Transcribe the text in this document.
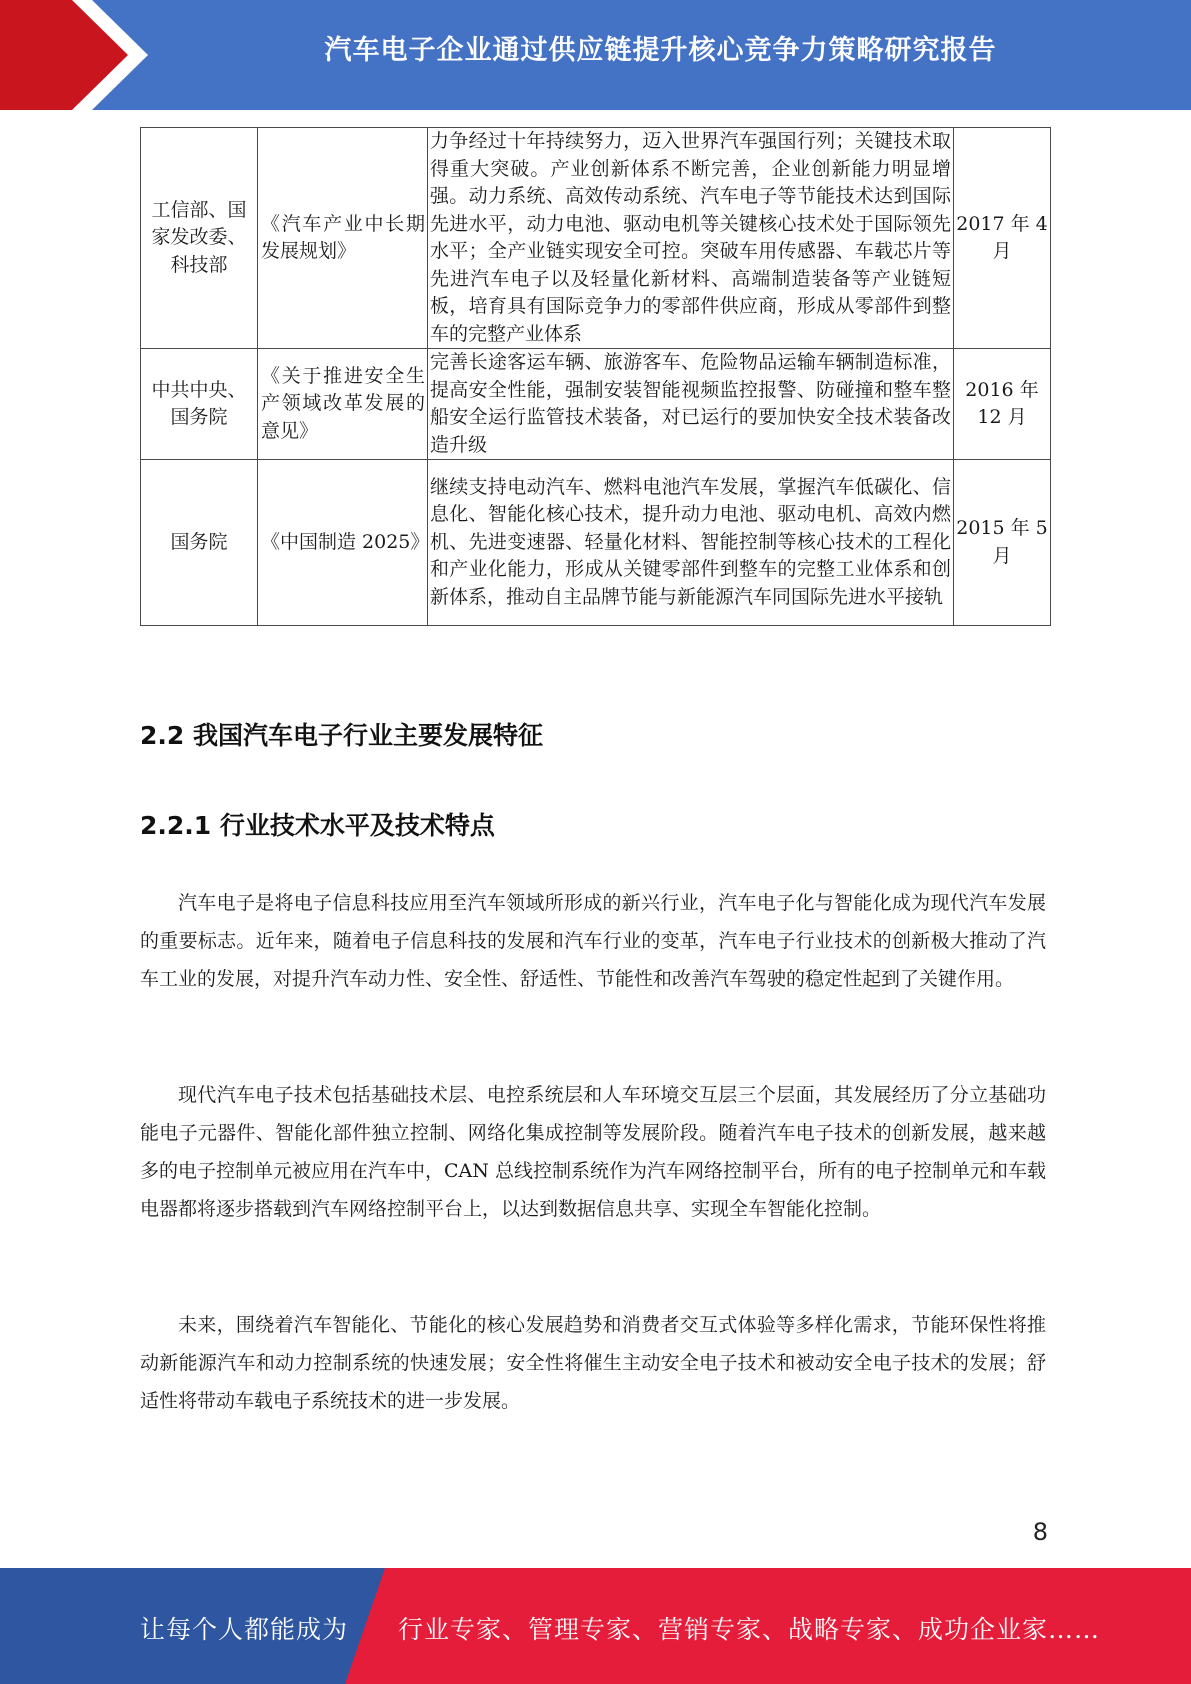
汽车电子企业通过供应链提升核心竞争力策略研究报告
工信部、国家发改委、科技部	《汽车产业中长期发展规划》	力争经过十年持续努力，迈入世界汽车强国行列；关键技术取得重大突破。产业创新体系不断完善，企业创新能力明显增强。动力系统、高效传动系统、汽车电子等节能技术达到国际先进水平，动力电池、驱动电机等关键核心技术处于国际领先水平；全产业链实现安全可控。突破车用传感器、车载芯片等先进汽车电子以及轻量化新材料、高端制造装备等产业链短板，培育具有国际竞争力的零部件供应商，形成从零部件到整车的完整产业体系	2017 年 4 月
中共中央、国务院	《关于推进安全生产领域改革发展的意见》	完善长途客运车辆、旅游客车、危险物品运输车辆制造标准，提高安全性能，强制安装智能视频监控报警、防碰撞和整车整船安全运行监管技术装备，对已运行的要加快安全技术装备改造升级	2016 年 12 月
国务院	《中国制造 2025》	继续支持电动汽车、燃料电池汽车发展，掌握汽车低碳化、信息化、智能化核心技术，提升动力电池、驱动电机、高效内燃机、先进变速器、轻量化材料、智能控制等核心技术的工程化和产业化能力，形成从关键零部件到整车的完整工业体系和创新体系，推动自主品牌节能与新能源汽车同国际先进水平接轨	2015 年 5 月
2.2 我国汽车电子行业主要发展特征
2.2.1 行业技术水平及技术特点

汽车电子是将电子信息科技应用至汽车领域所形成的新兴行业，汽车电子化与智能化成为现代汽车发展的重要标志。近年来，随着电子信息科技的发展和汽车行业的变革，汽车电子行业技术的创新极大推动了汽车工业的发展，对提升汽车动力性、安全性、舒适性、节能性和改善汽车驾驶的稳定性起到了关键作用。

现代汽车电子技术包括基础技术层、电控系统层和人车环境交互层三个层面，其发展经历了分立基础功能电子元器件、智能化部件独立控制、网络化集成控制等发展阶段。随着汽车电子技术的创新发展，越来越多的电子控制单元被应用在汽车中，CAN 总线控制系统作为汽车网络控制平台，所有的电子控制单元和车载电器都将逐步搭载到汽车网络控制平台上，以达到数据信息共享、实现全车智能化控制。

未来，围绕着汽车智能化、节能化的核心发展趋势和消费者交互式体验等多样化需求，节能环保性将推动新能源汽车和动力控制系统的快速发展；安全性将催生主动安全电子技术和被动安全电子技术的发展；舒适性将带动车载电子系统技术的进一步发展。

8
让每个人都能成为 行业专家、管理专家、营销专家、战略专家、成功企业家……
